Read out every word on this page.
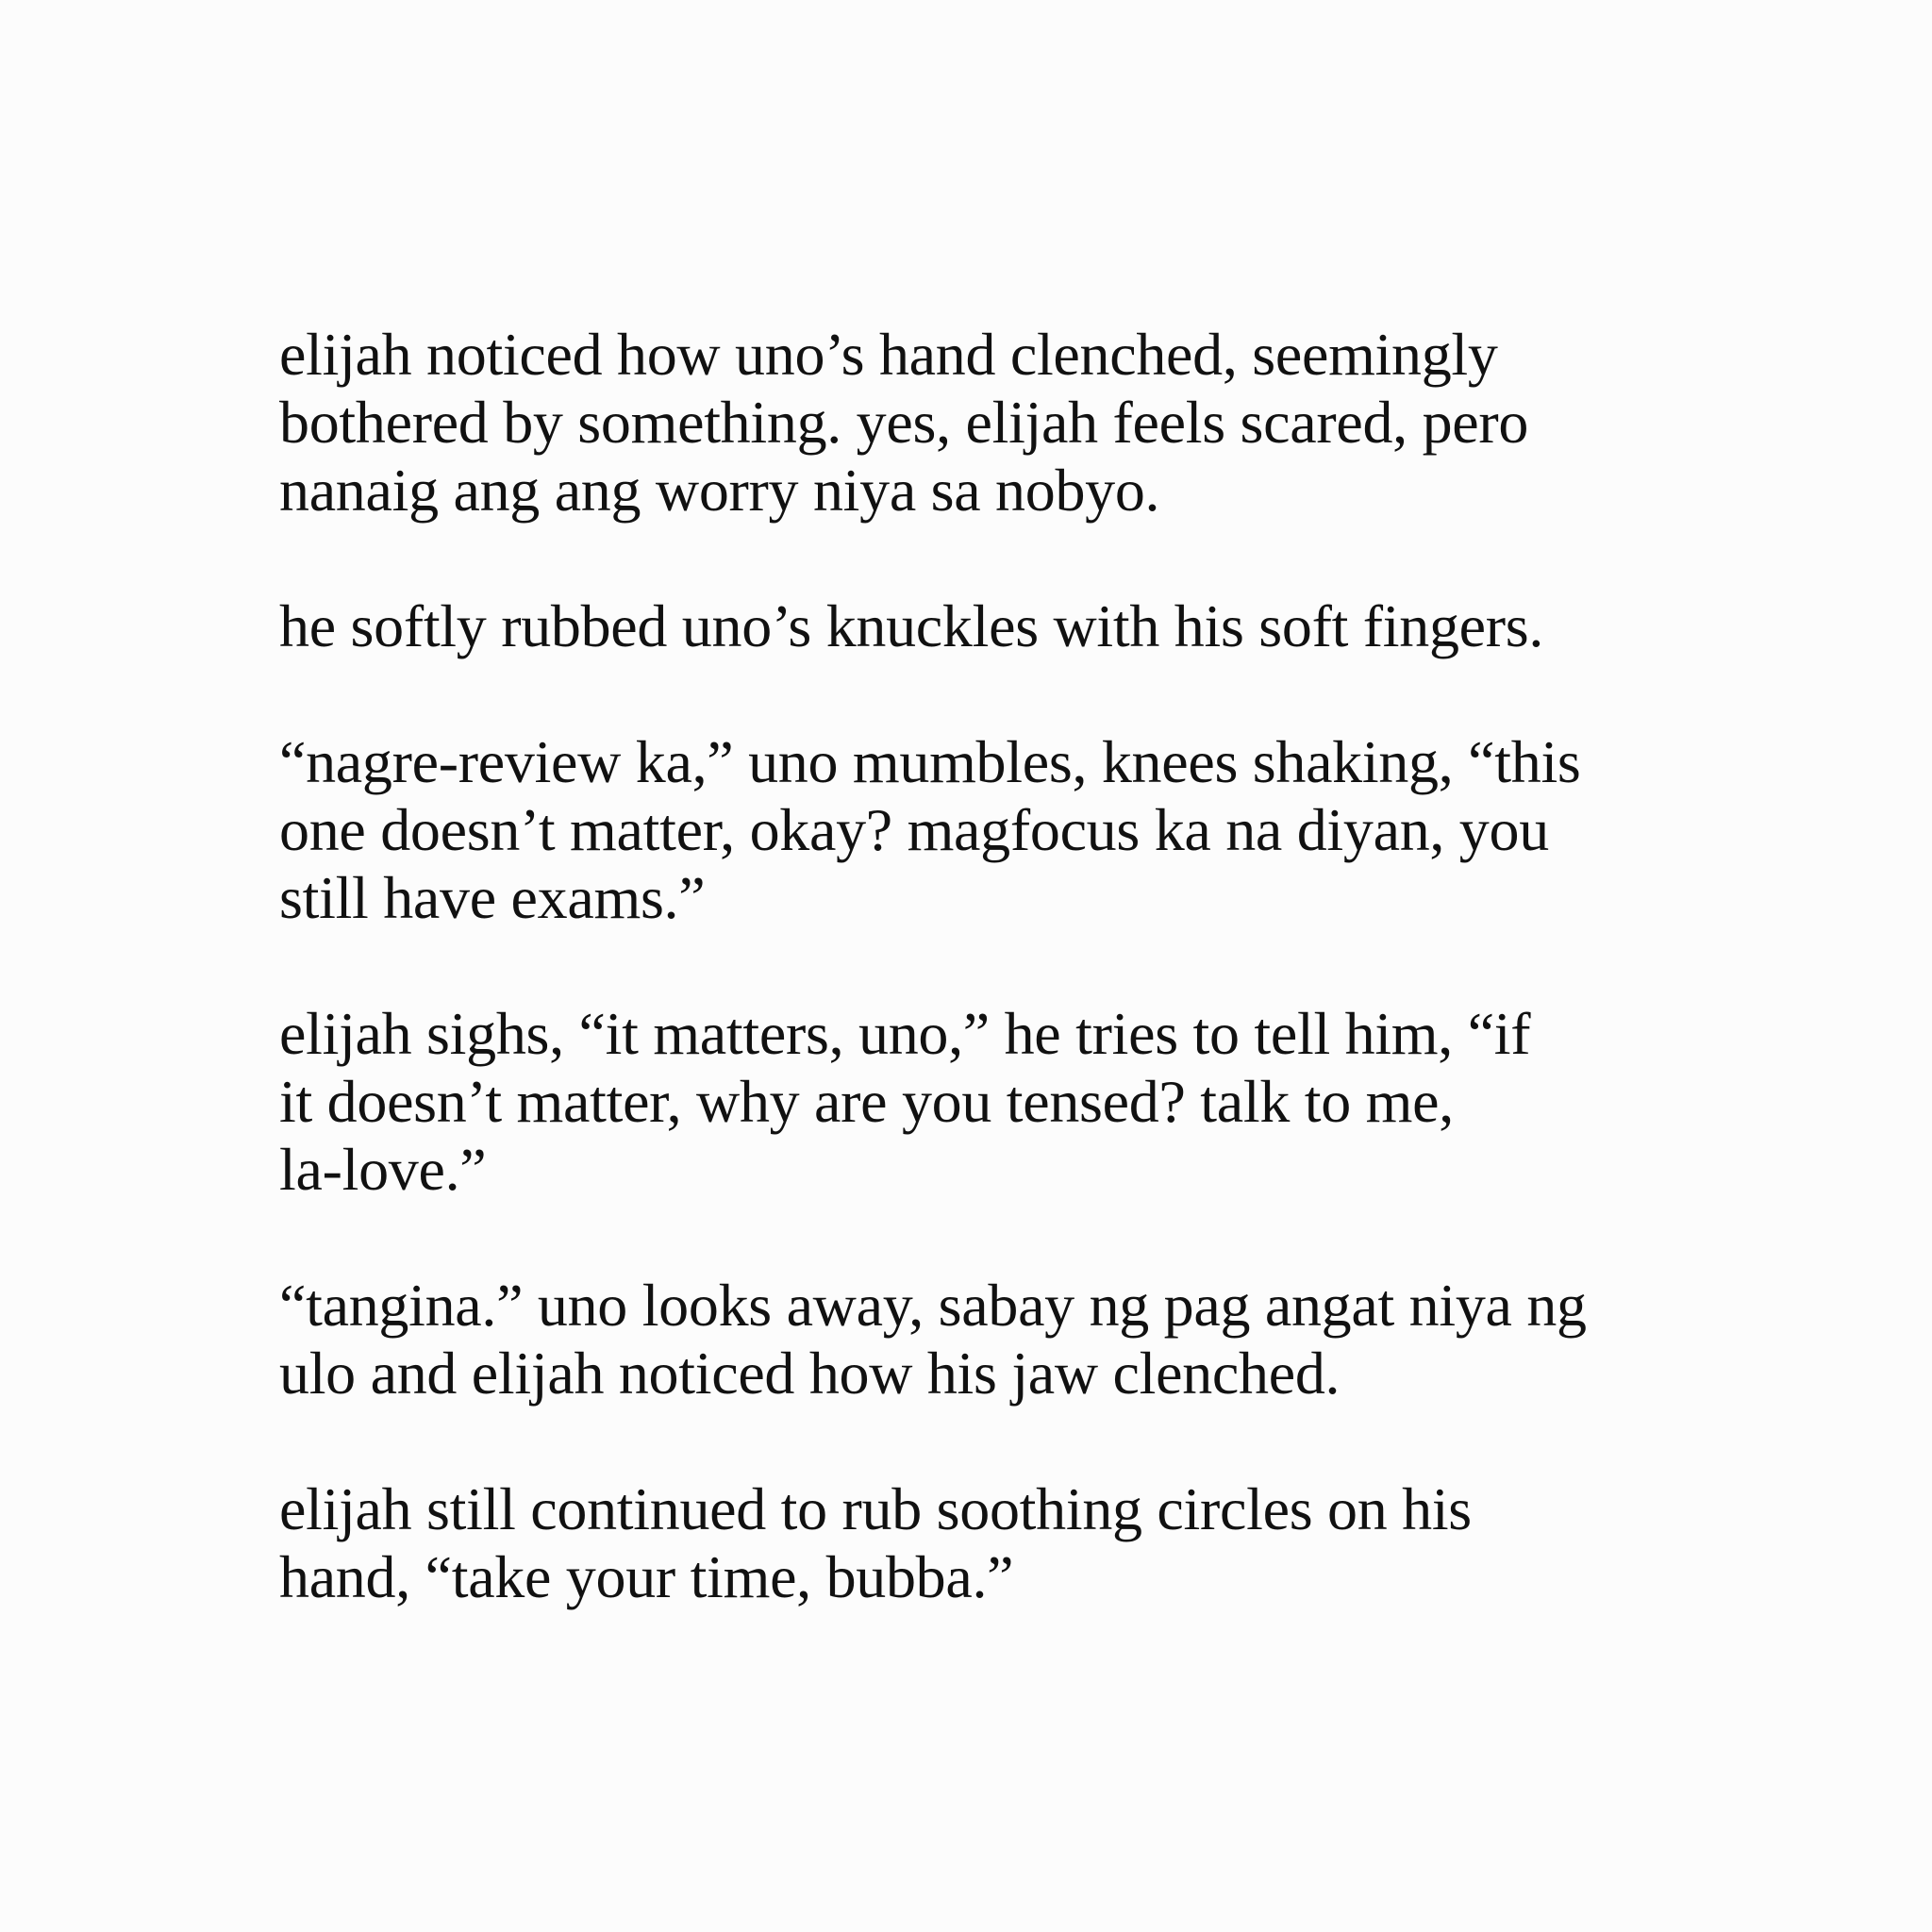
elijah noticed how uno’s hand clenched, seemingly
bothered by something. yes, elijah feels scared, pero
nanaig ang ang worry niya sa nobyo.

he softly rubbed uno’s knuckles with his soft fingers.

“nagre-review ka,” uno mumbles, knees shaking, “this
one doesn’t matter, okay? magfocus ka na diyan, you
still have exams.”

elijah sighs, “it matters, uno,” he tries to tell him, “if
it doesn’t matter, why are you tensed? talk to me,
la-love.”

“tangina.” uno looks away, sabay ng pag angat niya ng
ulo and elijah noticed how his jaw clenched.

elijah still continued to rub soothing circles on his
hand, “take your time, bubba.”
